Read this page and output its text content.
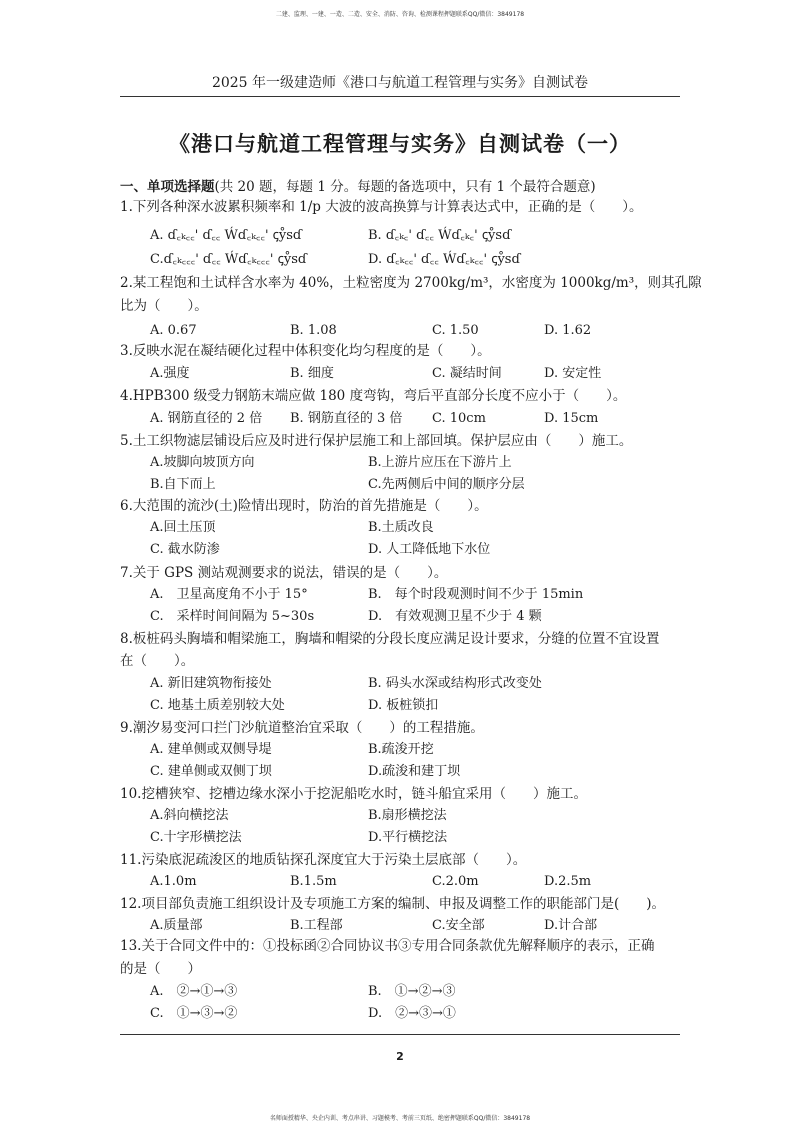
二建、监理、一建、一造、二造、安全、消防、咨询、检测课程押题联系QQ/微信：3849178
2025 年一级建造师《港口与航道工程管理与实务》自测试卷
《港口与航道工程管理与实务》自测试卷（一）
一、单项选择题(共 20 题，每题 1 分。每题的备选项中，只有 1 个最符合题意)
1.下列各种深水波累积频率和 1/p 大波的波高换算与计算表达式中，正确的是（　　）。
A. ɗ꜀ₖ꜀꜀' ɗ꜀꜀ Ẃɗ꜀ₖ꜀꜀' ꞔẙꜱɗ	B. ɗ꜀ₖ꜀' ɗ꜀꜀ Ẃɗ꜀ₖ꜀' ꞔẙꜱɗ
C.ɗ꜀ₖ꜀꜀꜀' ɗ꜀꜀ Ẃɗ꜀ₖ꜀꜀꜀' ꞔẙꜱɗ	D. ɗ꜀ₖ꜀꜀' ɗ꜀꜀ Ẃɗ꜀ₖ꜀꜀' ꞔẙꜱɗ
2.某工程饱和土试样含水率为 40%，土粒密度为 2700kg/m³，水密度为 1000kg/m³，则其孔隙
比为（　　）。
A. 0.67	B. 1.08	C. 1.50	D. 1.62
3.反映水泥在凝结硬化过程中体积变化均匀程度的是（　　）。
A.强度	B. 细度	C. 凝结时间	D. 安定性
4.HPB300 级受力钢筋末端应做 180 度弯钩，弯后平直部分长度不应小于（　　）。
A. 钢筋直径的 2 倍 B. 钢筋直径的 3 倍 C. 10cm	D. 15cm
5.土工织物滤层铺设后应及时进行保护层施工和上部回填。保护层应由（　　）施工。
A.坡脚向坡顶方向	B.上游片应压在下游片上
B.自下而上	C.先两侧后中间的顺序分层
6.大范围的流沙(土)险情出现时，防治的首先措施是（　　）。
A.回土压顶	B.土质改良
C. 截水防渗	D. 人工降低地下水位
7.关于 GPS 测站观测要求的说法，错误的是（　　）。
A.　卫星高度角不小于 15°	B.　每个时段观测时间不少于 15min
C.　采样时间间隔为 5~30s	D.　有效观测卫星不少于 4 颗
8.板桩码头胸墙和帽梁施工，胸墙和帽梁的分段长度应满足设计要求，分缝的位置不宜设置
在（　　）。
A. 新旧建筑物衔接处	B. 码头水深或结构形式改变处
C. 地基土质差别较大处	D. 板桩锁扣
9.潮汐易变河口拦门沙航道整治宜采取（　　）的工程措施。
A. 建单侧或双侧导堤	B.疏浚开挖
C. 建单侧或双侧丁坝	D.疏浚和建丁坝
10.挖槽狭窄、挖槽边缘水深小于挖泥船吃水时，链斗船宜采用（　　）施工。
A.斜向横挖法	B.扇形横挖法
C.十字形横挖法	D.平行横挖法
11.污染底泥疏浚区的地质钻探孔深度宜大于污染土层底部（　　）。
A.1.0m	B.1.5m	C.2.0m	D.2.5m
12.项目部负责施工组织设计及专项施工方案的编制、申报及调整工作的职能部门是(　　)。
A.质量部	B.工程部	C.安全部	D.计合部
13.关于合同文件中的：①投标函②合同协议书③专用合同条款优先解释顺序的表示，正确
的是（　　）
A.　②→①→③	B.　①→②→③
C.　①→③→②	D.　②→③→①
2
名师面授精华、央企内训、考点串讲、习题模考、考前三页纸、绝密押题联系QQ/微信：3849178
